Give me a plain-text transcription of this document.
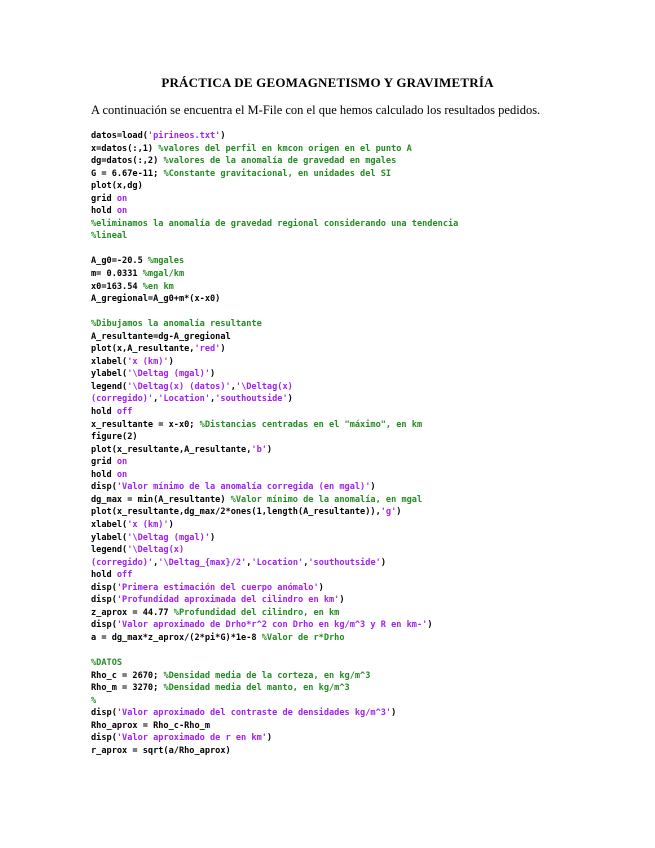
PRÁCTICA DE GEOMAGNETISMO Y GRAVIMETRÍA
A continuación se encuentra el M-File con el que hemos calculado los resultados pedidos.
datos=load('pirineos.txt')
x=datos(:,1) %valores del perfil en kmcon origen en el punto A
dg=datos(:,2) %valores de la anomalía de gravedad en mgales
G = 6.67e-11; %Constante gravitacional, en unidades del SI
plot(x,dg)
grid on
hold on
%eliminamos la anomalía de gravedad regional considerando una tendencia
%lineal
A_g0=-20.5 %mgales
m= 0.0331 %mgal/km
x0=163.54 %en km
A_gregional=A_g0+m*(x-x0)
%Dibujamos la anomalía resultante
A_resultante=dg-A_gregional
plot(x,A_resultante,'red')
xlabel('x (km)')
ylabel('\Deltag (mgal)')
legend('\Deltag(x) (datos)','\Deltag(x)
(corregido)','Location','southoutside')
hold off
x_resultante = x-x0; %Distancias centradas en el "máximo", en km
figure(2)
plot(x_resultante,A_resultante,'b')
grid on
hold on
disp('Valor mínimo de la anomalía corregida (en mgal)')
dg_max = min(A_resultante) %Valor mínimo de la anomalía, en mgal
plot(x_resultante,dg_max/2*ones(1,length(A_resultante)),'g')
xlabel('x (km)')
ylabel('\Deltag (mgal)')
legend('\Deltag(x)
(corregido)','\Deltag_{max}/2','Location','southoutside')
hold off
disp('Primera estimación del cuerpo anómalo')
disp('Profundidad aproximada del cilindro en km')
z_aprox = 44.77 %Profundidad del cilindro, en km
disp('Valor aproximado de Drho*r^2 con Drho en kg/m^3 y R en km-')
a = dg_max*z_aprox/(2*pi*G)*1e-8 %Valor de r*Drho
%DATOS
Rho_c = 2670; %Densidad media de la corteza, en kg/m^3
Rho_m = 3270; %Densidad media del manto, en kg/m^3
%
disp('Valor aproximado del contraste de densidades kg/m^3')
Rho_aprox = Rho_c-Rho_m
disp('Valor aproximado de r en km')
r_aprox = sqrt(a/Rho_aprox)
